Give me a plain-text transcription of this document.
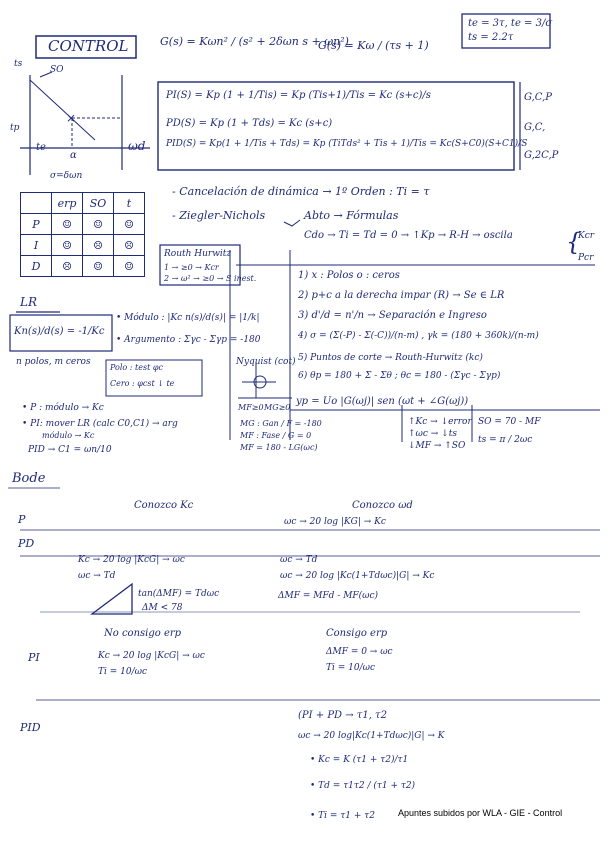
×
{
CONTROL	G(s) = Kωn² / (s² + 2δωn s + ωn²)
G(s) = Kω / (τs + 1)
te = 3τ, te = 3/σ
ts = 2.2τ
ts
SO
tp
te
α
ωd
σ=δωn
PI(S) = Kp (1 + 1/Tis) = Kp (Tis+1)/Tis = Kc (s+c)/s
PD(S) = Kp (1 + Tds) = Kc (s+c)
PID(S) = Kp(1 + 1/Tis + Tds) = Kp (TiTds² + Tis + 1)/Tis = Kc(S+C0)(S+C1)/S
G,C,P
G,C,
G,2C,P
	erp	SO	t
P	☺	☺	☺
I	☺	☹	☹
D	☹	☺	☺
- Cancelación de dinámica → 1º Orden : Ti = τ
- Ziegler-Nichols	Abto → Fórmulas
Cdo → Ti = Td = 0 → ↑Kp → R-H → oscila	Kcr
Pcr
Routh Hurwitz
1 → ≥0 → Kcr
2 → ω² → ≥0 → S inest.	1) x : Polos o : ceros
2) p+c a la derecha impar (R) → Se ∈ LR
3) d'/d = n'/n → Separación e Ingreso
4) σ = (Σ(-P) - Σ(-C))/(n-m) , γk = (180 + 360k)/(n-m)
5) Puntos de corte → Routh-Hurwitz (kc)
6) θp = 180 + Σ - Σθ ; θc = 180 - (Σγc - Σγp)
LR
Kn(s)/d(s) = -1/Kc
n polos, m ceros
• Módulo : |Kc n(s)/d(s)| = |1/k|
• Argumento : Σγc - Σγp = -180
Polo : test φc
Cero : φcst ↓ te
Nyquist (cot)
MF≥0 MG≥0
MG : Gan / F = -180
MF : Fase / G = 0
MF = 180 - LG(ωc)
yp = Uo |G(ωj)| sen (ωt + ∠G(ωj))
↑Kc → ↓error
↑ωc → ↓ts
↓MF → ↑SO
SO = 70 - MF
ts = π / 2ωc
• P : módulo → Kc
• PI: mover LR (calc C0,C1) → arg
módulo → Kc
PID → C1 = ωn/10
Bode
Conozco Kc	Conozco ωd
P	ωc → 20 log |KG| → Kc
PD
Kc → 20 log |KcG| → ωc
ωc → Td
ωc → Td
ωc → 20 log |Kc(1+Tdωc)|G| → Kc
tan(ΔMF) = Tdωc
ΔM < 78
ΔMF = MFd - MF(ωc)
No consigo erp	Consigo erp
PI	Kc → 20 log |KcG| → ωc
Ti = 10/ωc
ΔMF = 0 → ωc
Ti = 10/ωc
PID
(PI + PD → τ1, τ2
ωc → 20 log|Kc(1+Tdωc)|G| → K
• Kc = K (τ1 + τ2)/τ1
• Td = τ1τ2 / (τ1 + τ2)
• Ti = τ1 + τ2	Apuntes subidos por WLA - GIE - Control
